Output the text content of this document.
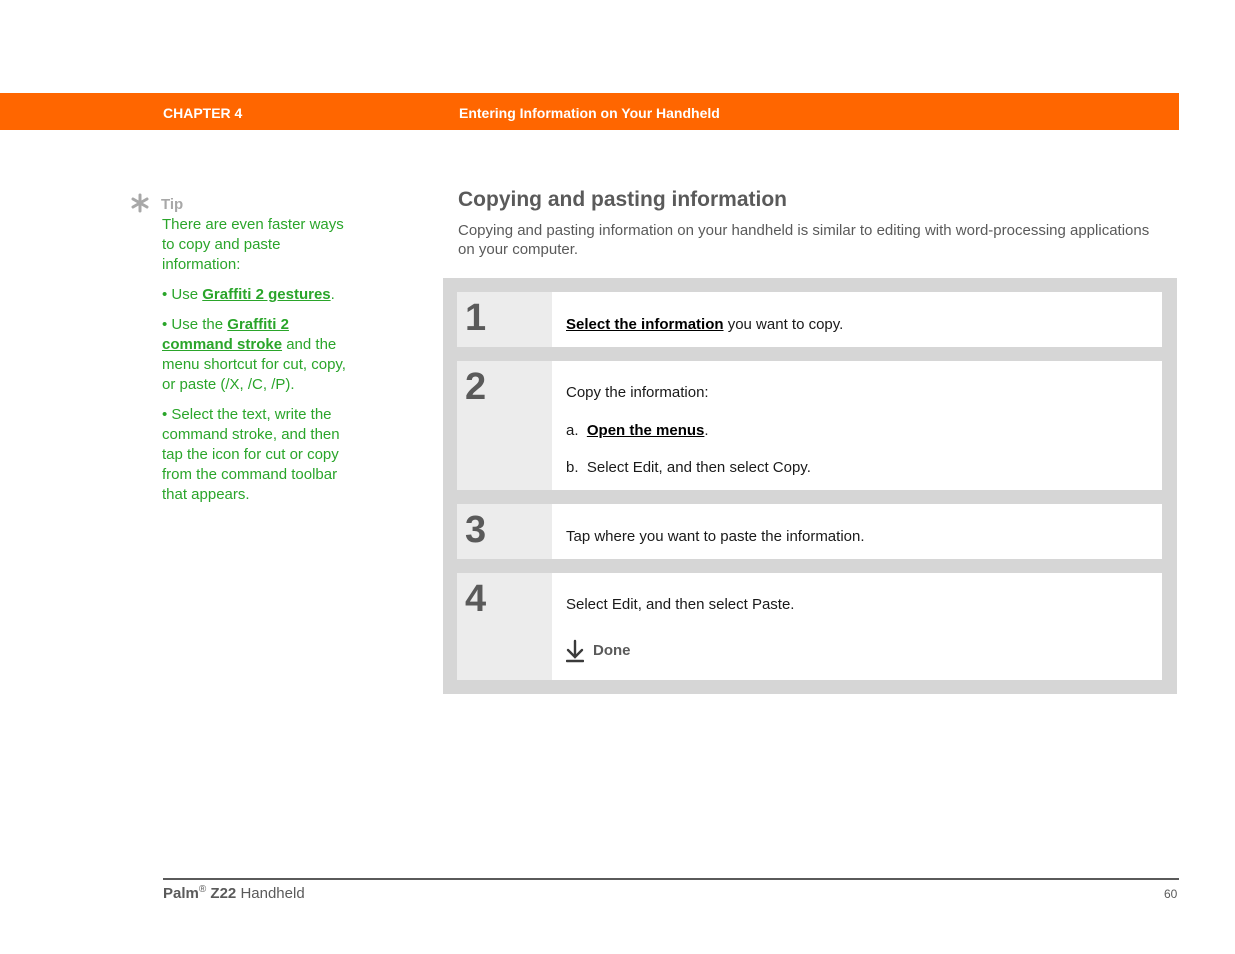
CHAPTER 4	Entering Information on Your Handheld
Tip

There are even faster ways to copy and paste information:

• Use Graffiti 2 gestures.

• Use the Graffiti 2 command stroke and the menu shortcut for cut, copy, or paste (/X, /C, /P).

• Select the text, write the command stroke, and then tap the icon for cut or copy from the command toolbar that appears.

Copying and pasting information
Copying and pasting information on your handheld is similar to editing with word-processing applications on your computer.
1	Select the information you want to copy.
2	Copy the information:
a.  Open the menus.
b.  Select Edit, and then select Copy.
3	Tap where you want to paste the information.
4	Select Edit, and then select Paste.
Done
Palm® Z22 Handheld	60
